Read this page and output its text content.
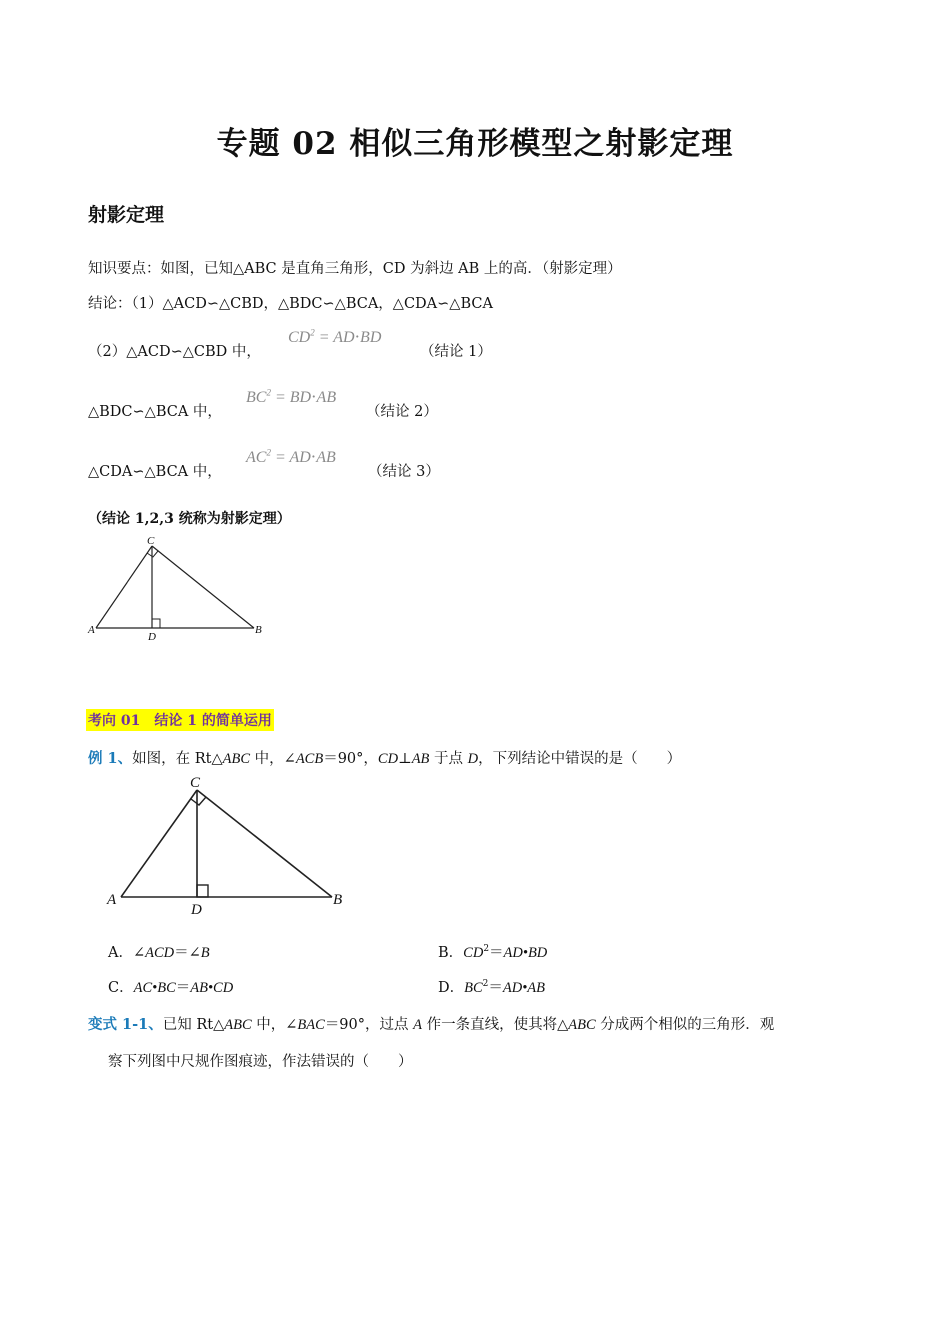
专题 02 相似三角形模型之射影定理
射影定理
知识要点：如图，已知△ABC 是直角三角形，CD 为斜边 AB 上的高．（射影定理）
结论：（1）△ACD∽△CBD，△BDC∽△BCA，△CDA∽△BCA
（2）△ACD∽△CBD 中，
$CD^2 = AD\cdot BD$
（结论 1）
△BDC∽△BCA 中，
$BC^2 = BD\cdot AB$
（结论 2）
△CDA∽△BCA 中，
$AC^2 = AD\cdot AB$
（结论 3）
（结论 1,2,3 统称为射影定理）
A	B
C
D
考向 01　结论 1 的简单运用
例 1、如图，在 Rt△ABC 中，∠ACB＝90°，CD⊥AB 于点 D，下列结论中错误的是（　　）
A	B
C
D
A．∠ACD＝∠B	B．$CD^2=AD•BD$
C．AC•BC＝AB•CD	D．$BC^2=AD•AB$
变式 1-1、已知 Rt△ABC 中，∠BAC＝90°，过点 A 作一条直线，使其将△ABC 分成两个相似的三角形．观
察下列图中尺规作图痕迹，作法错误的（　　）
